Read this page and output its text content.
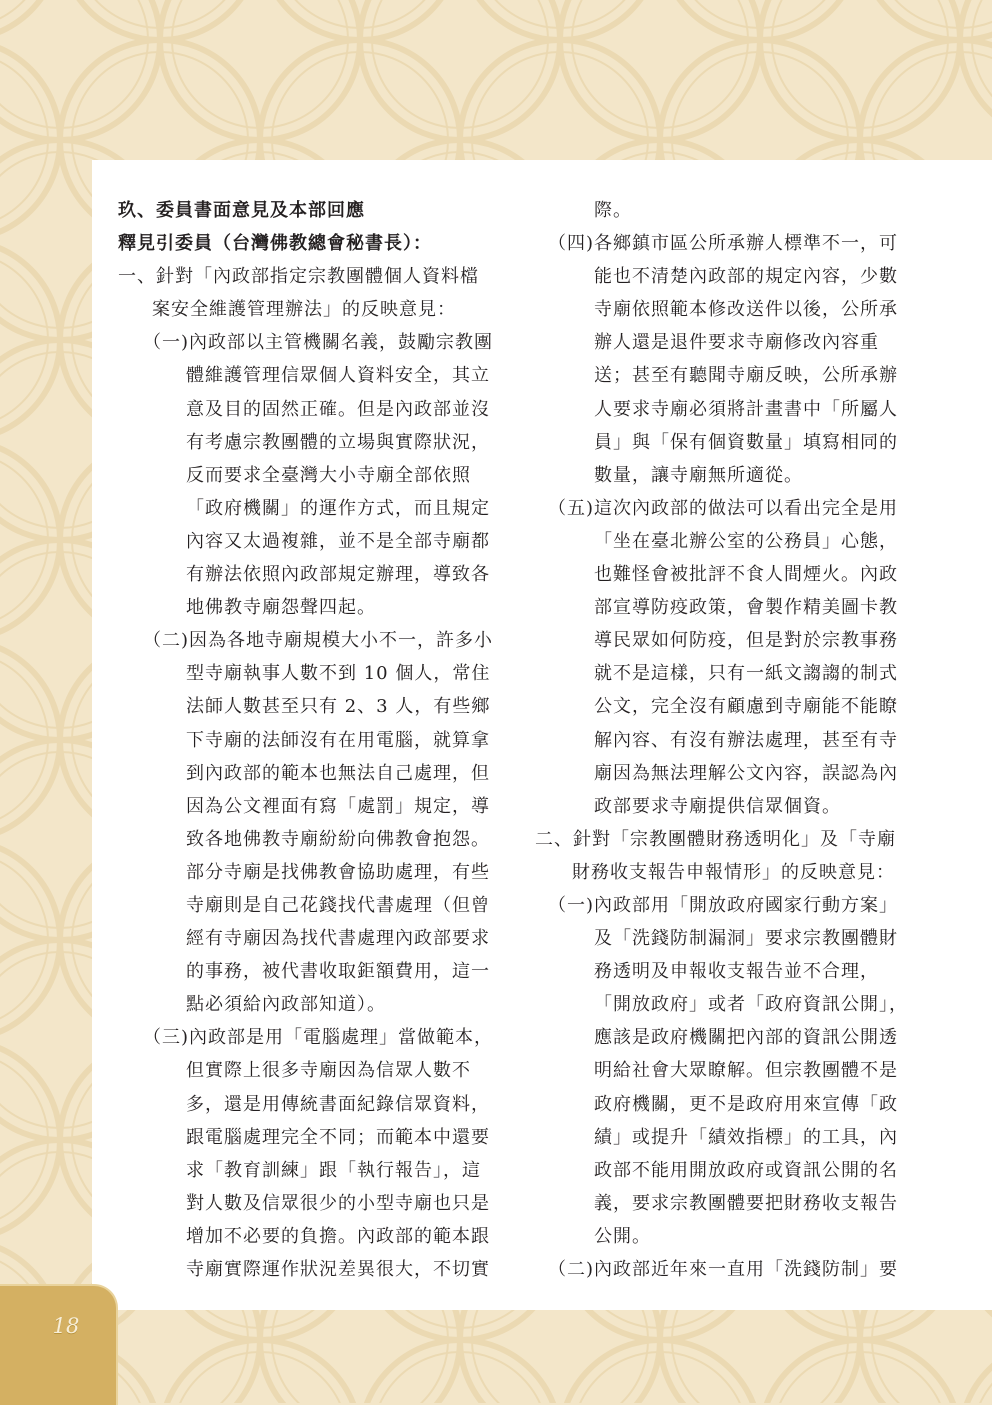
18
玖、委員書面意見及本部回應
釋見引委員（台灣佛教總會秘書長）：
一、針對「內政部指定宗教團體個人資料檔
案安全維護管理辦法」的反映意見：
（一)內政部以主管機關名義，鼓勵宗教團
體維護管理信眾個人資料安全，其立
意及目的固然正確。但是內政部並沒
有考慮宗教團體的立場與實際狀況，
反而要求全臺灣大小寺廟全部依照
「政府機關」的運作方式，而且規定
內容又太過複雜，並不是全部寺廟都
有辦法依照內政部規定辦理，導致各
地佛教寺廟怨聲四起。
（二)因為各地寺廟規模大小不一，許多小
型寺廟執事人數不到 10 個人，常住
法師人數甚至只有 2、3 人，有些鄉
下寺廟的法師沒有在用電腦，就算拿
到內政部的範本也無法自己處理，但
因為公文裡面有寫「處罰」規定，導
致各地佛教寺廟紛紛向佛教會抱怨。
部分寺廟是找佛教會協助處理，有些
寺廟則是自己花錢找代書處理（但曾
經有寺廟因為找代書處理內政部要求
的事務，被代書收取鉅額費用，這一
點必須給內政部知道）。
（三)內政部是用「電腦處理」當做範本，
但實際上很多寺廟因為信眾人數不
多，還是用傳統書面紀錄信眾資料，
跟電腦處理完全不同；而範本中還要
求「教育訓練」跟「執行報告」，這
對人數及信眾很少的小型寺廟也只是
增加不必要的負擔。內政部的範本跟
寺廟實際運作狀況差異很大，不切實
際。
（四)各鄉鎮市區公所承辦人標準不一，可
能也不清楚內政部的規定內容，少數
寺廟依照範本修改送件以後，公所承
辦人還是退件要求寺廟修改內容重
送；甚至有聽聞寺廟反映，公所承辦
人要求寺廟必須將計畫書中「所屬人
員」與「保有個資數量」填寫相同的
數量，讓寺廟無所適從。
（五)這次內政部的做法可以看出完全是用
「坐在臺北辦公室的公務員」心態，
也難怪會被批評不食人間煙火。內政
部宣導防疫政策，會製作精美圖卡教
導民眾如何防疫，但是對於宗教事務
就不是這樣，只有一紙文謅謅的制式
公文，完全沒有顧慮到寺廟能不能瞭
解內容、有沒有辦法處理，甚至有寺
廟因為無法理解公文內容，誤認為內
政部要求寺廟提供信眾個資。
二、針對「宗教團體財務透明化」及「寺廟
財務收支報告申報情形」的反映意見：
（一)內政部用「開放政府國家行動方案」
及「洗錢防制漏洞」要求宗教團體財
務透明及申報收支報告並不合理，
「開放政府」或者「政府資訊公開」，
應該是政府機關把內部的資訊公開透
明給社會大眾瞭解。但宗教團體不是
政府機關，更不是政府用來宣傳「政
績」或提升「績效指標」的工具，內
政部不能用開放政府或資訊公開的名
義，要求宗教團體要把財務收支報告
公開。
（二)內政部近年來一直用「洗錢防制」要
